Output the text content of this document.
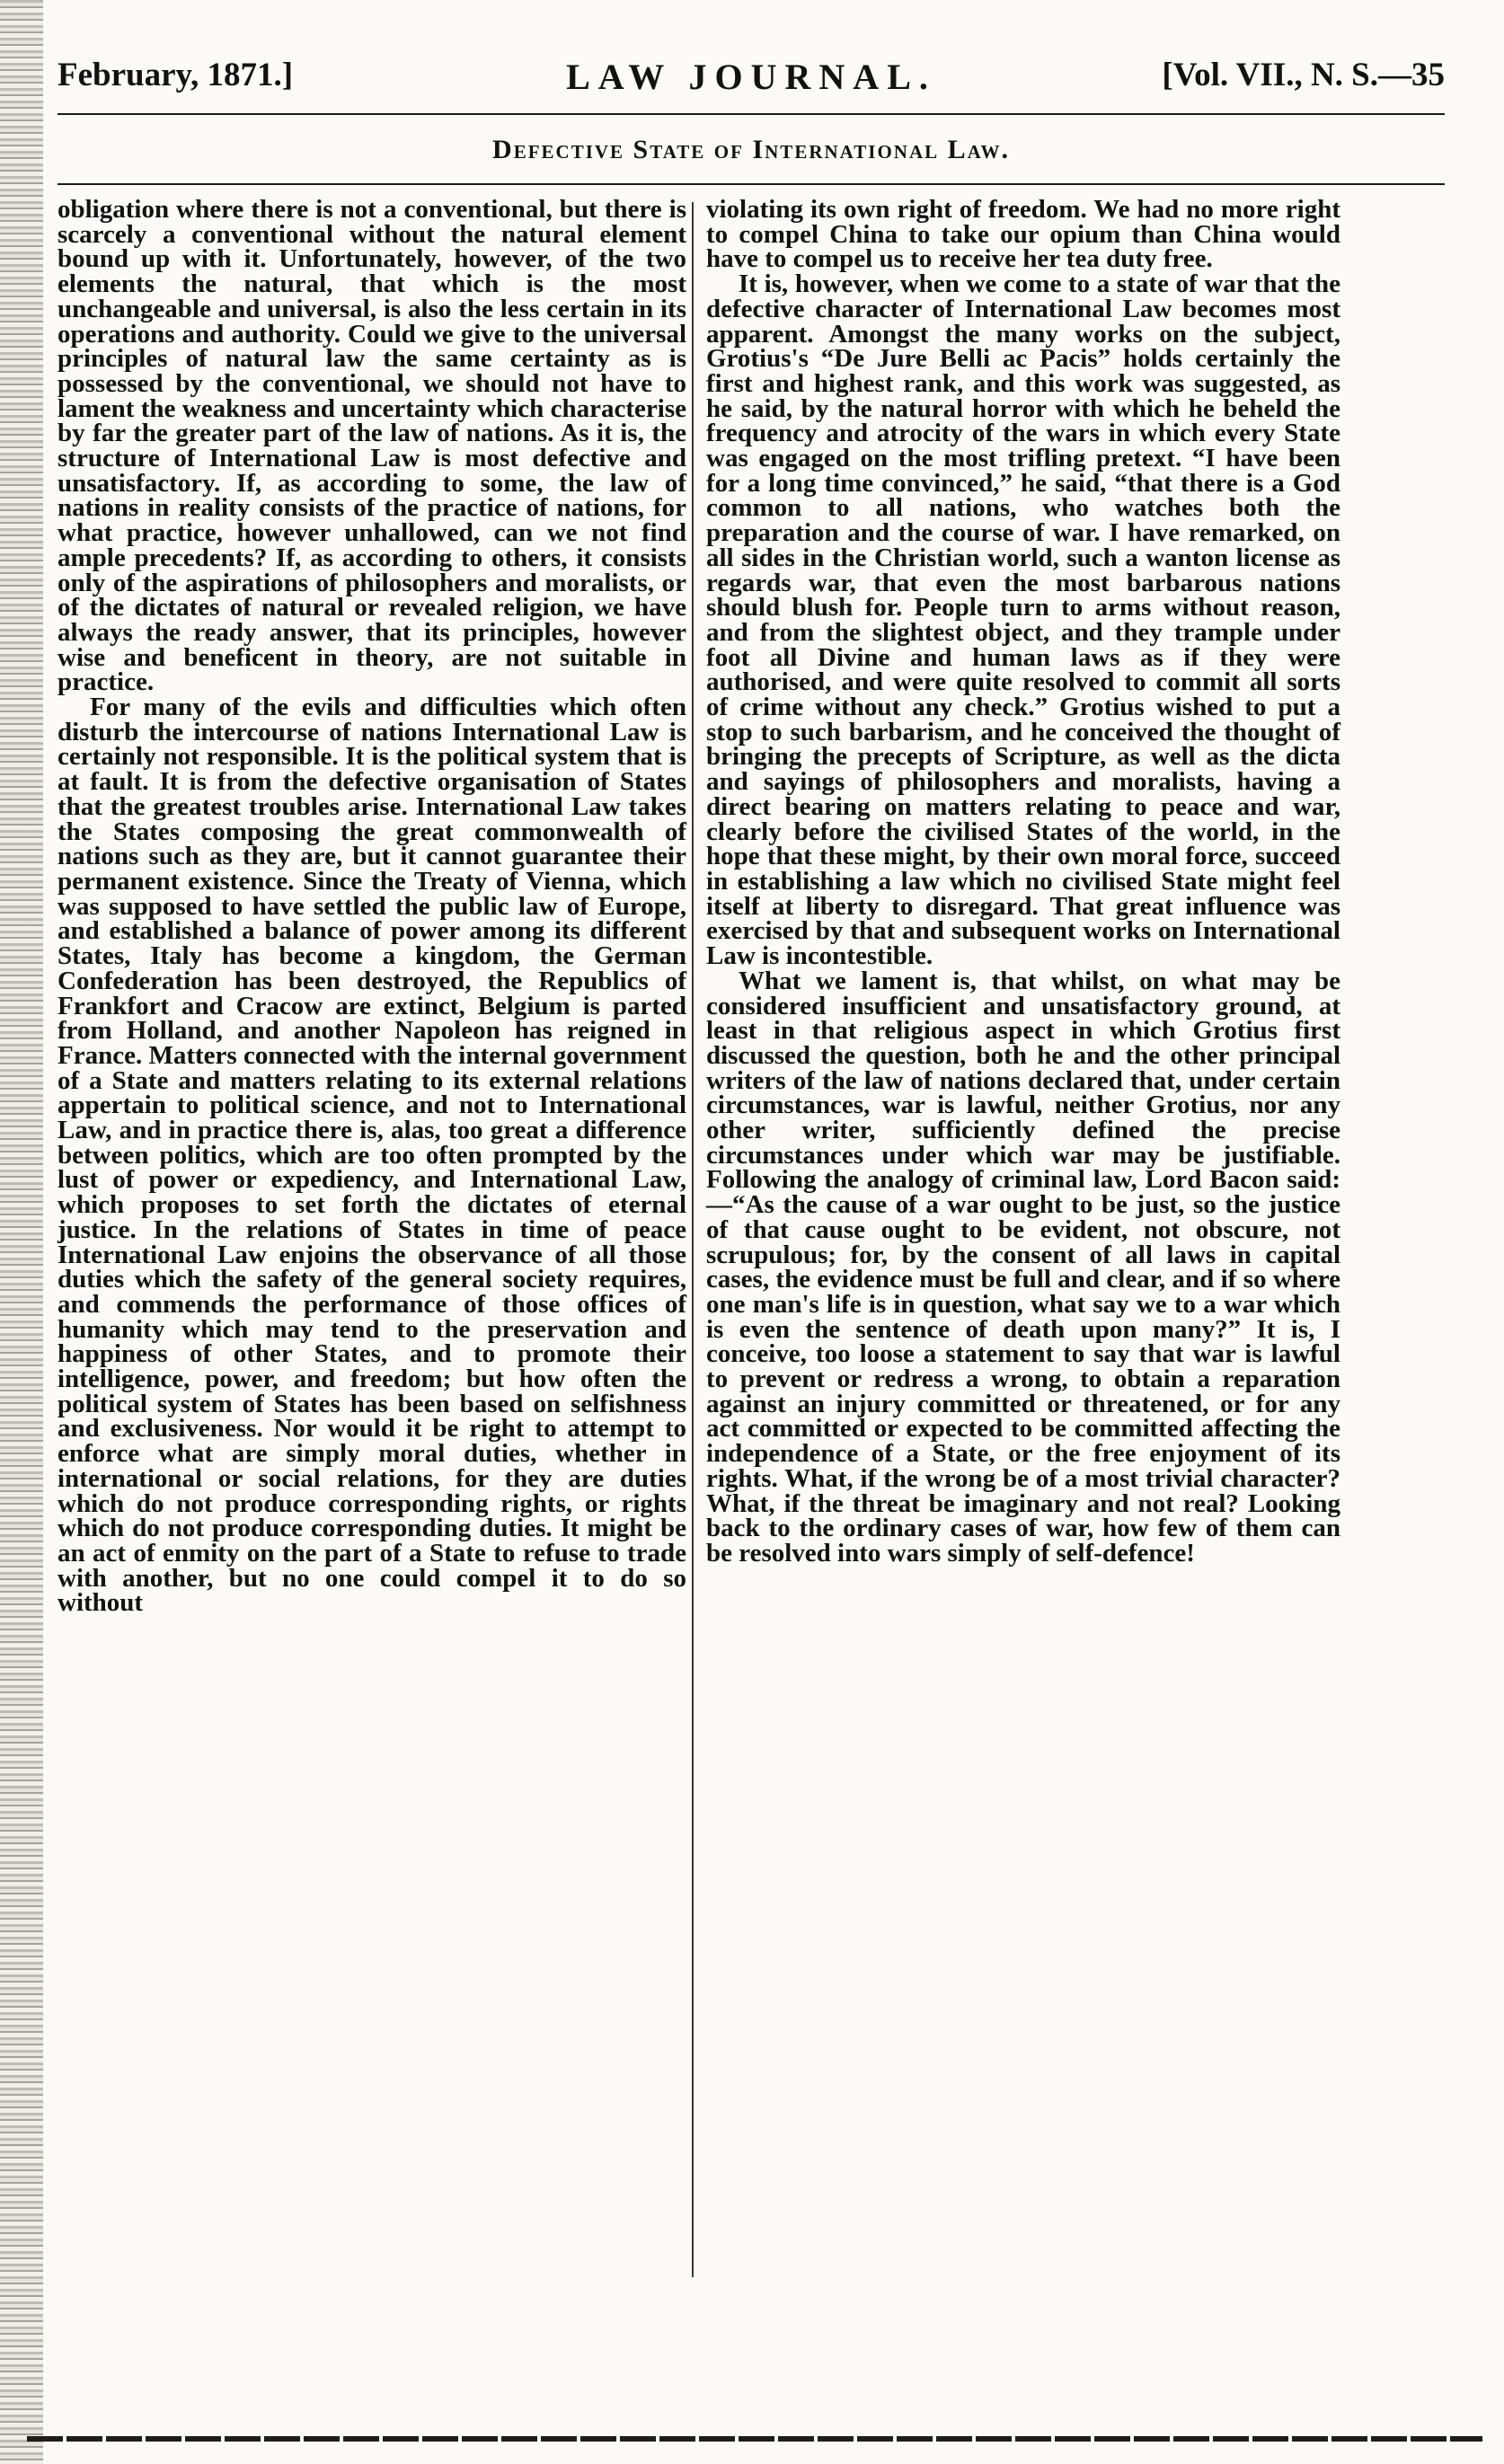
February, 1871.]	LAW JOURNAL.	[Vol. VII., N. S.—35
Defective State of International Law.

obligation where there is not a conventional, but there is scarcely a conventional without the natural element bound up with it. Unfortunately, however, of the two elements the natural, that which is the most unchangeable and universal, is also the less certain in its operations and authority. Could we give to the universal principles of natural law the same certainty as is possessed by the conventional, we should not have to lament the weakness and uncertainty which characterise by far the greater part of the law of nations. As it is, the structure of International Law is most defective and unsatisfactory. If, as according to some, the law of nations in reality consists of the practice of nations, for what practice, however unhallowed, can we not find ample precedents? If, as according to others, it consists only of the aspirations of philosophers and moralists, or of the dictates of natural or revealed religion, we have always the ready answer, that its principles, however wise and beneficent in theory, are not suitable in practice.

For many of the evils and difficulties which often disturb the intercourse of nations International Law is certainly not responsible. It is the political system that is at fault. It is from the defective organisation of States that the greatest troubles arise. International Law takes the States composing the great commonwealth of nations such as they are, but it cannot guarantee their permanent existence. Since the Treaty of Vienna, which was supposed to have settled the public law of Europe, and established a balance of power among its different States, Italy has become a kingdom, the German Confederation has been destroyed, the Republics of Frankfort and Cracow are extinct, Belgium is parted from Holland, and another Napoleon has reigned in France. Matters connected with the internal government of a State and matters relating to its external relations appertain to political science, and not to International Law, and in practice there is, alas, too great a difference between politics, which are too often prompted by the lust of power or expediency, and International Law, which proposes to set forth the dictates of eternal justice. In the relations of States in time of peace International Law enjoins the observance of all those duties which the safety of the general society requires, and commends the performance of those offices of humanity which may tend to the preservation and happiness of other States, and to promote their intelligence, power, and freedom; but how often the political system of States has been based on selfishness and exclusiveness. Nor would it be right to attempt to enforce what are simply moral duties, whether in international or social relations, for they are duties which do not produce corresponding rights, or rights which do not produce corresponding duties. It might be an act of enmity on the part of a State to refuse to trade with another, but no one could compel it to do so without

violating its own right of freedom. We had no more right to compel China to take our opium than China would have to compel us to receive her tea duty free.

It is, however, when we come to a state of war that the defective character of International Law becomes most apparent. Amongst the many works on the subject, Grotius's “De Jure Belli ac Pacis” holds certainly the first and highest rank, and this work was suggested, as he said, by the natural horror with which he beheld the frequency and atrocity of the wars in which every State was engaged on the most trifling pretext. “I have been for a long time convinced,” he said, “that there is a God common to all nations, who watches both the preparation and the course of war. I have remarked, on all sides in the Christian world, such a wanton license as regards war, that even the most barbarous nations should blush for. People turn to arms without reason, and from the slightest object, and they trample under foot all Divine and human laws as if they were authorised, and were quite resolved to commit all sorts of crime without any check.” Grotius wished to put a stop to such barbarism, and he conceived the thought of bringing the precepts of Scripture, as well as the dicta and sayings of philosophers and moralists, having a direct bearing on matters relating to peace and war, clearly before the civilised States of the world, in the hope that these might, by their own moral force, succeed in establishing a law which no civilised State might feel itself at liberty to disregard. That great influence was exercised by that and subsequent works on International Law is incontestible.

What we lament is, that whilst, on what may be considered insufficient and unsatisfactory ground, at least in that religious aspect in which Grotius first discussed the question, both he and the other principal writers of the law of nations declared that, under certain circumstances, war is lawful, neither Grotius, nor any other writer, sufficiently defined the precise circumstances under which war may be justifiable. Following the analogy of criminal law, Lord Bacon said:—“As the cause of a war ought to be just, so the justice of that cause ought to be evident, not obscure, not scrupulous; for, by the consent of all laws in capital cases, the evidence must be full and clear, and if so where one man's life is in question, what say we to a war which is even the sentence of death upon many?” It is, I conceive, too loose a statement to say that war is lawful to prevent or redress a wrong, to obtain a reparation against an injury committed or threatened, or for any act committed or expected to be committed affecting the independence of a State, or the free enjoyment of its rights. What, if the wrong be of a most trivial character? What, if the threat be imaginary and not real? Looking back to the ordinary cases of war, how few of them can be resolved into wars simply of self-defence!
